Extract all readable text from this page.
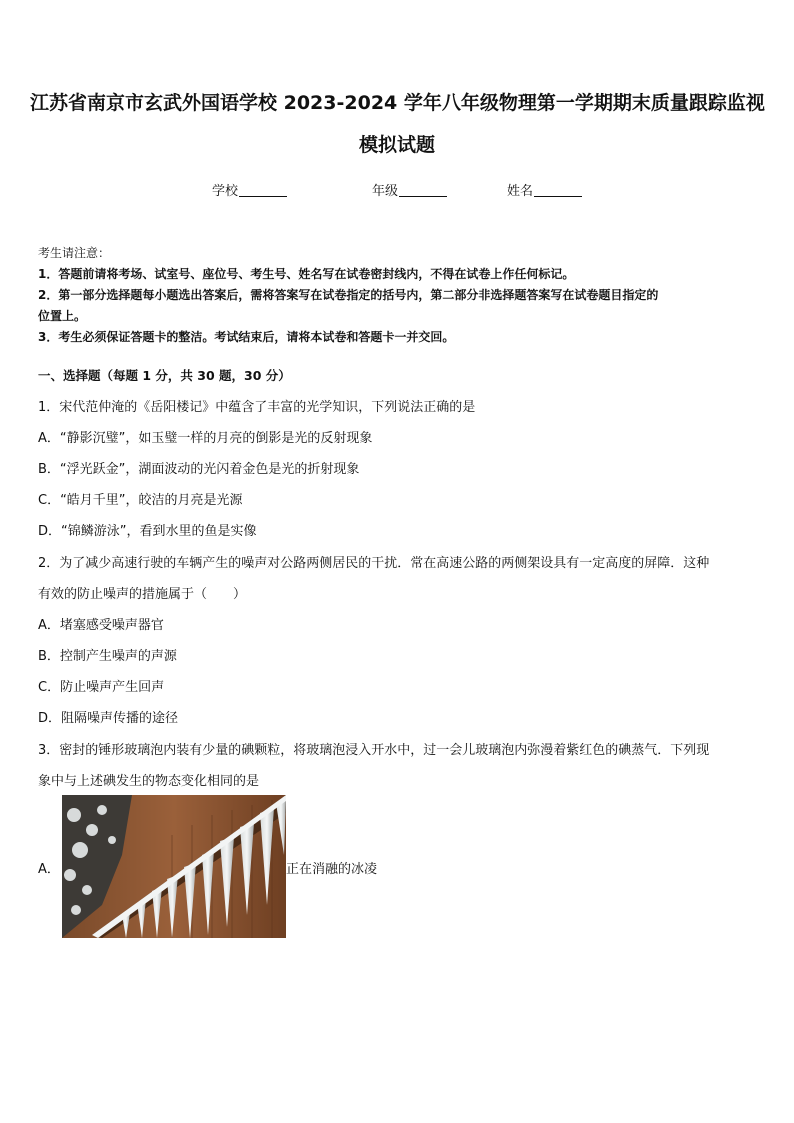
江苏省南京市玄武外国语学校 2023-2024 学年八年级物理第一学期期末质量跟踪监视
模拟试题
学校	年级	姓名
考生请注意：
1．答题前请将考场、试室号、座位号、考生号、姓名写在试卷密封线内，不得在试卷上作任何标记。
2．第一部分选择题每小题选出答案后，需将答案写在试卷指定的括号内，第二部分非选择题答案写在试卷题目指定的
位置上。
3．考生必须保证答题卡的整洁。考试结束后，请将本试卷和答题卡一并交回。
一、选择题（每题 1 分，共 30 题，30 分）
1．宋代范仲淹的《岳阳楼记》中蕴含了丰富的光学知识，下列说法正确的是
A．“静影沉璧”，如玉璧一样的月亮的倒影是光的反射现象
B．“浮光跃金”，湖面波动的光闪着金色是光的折射现象
C．“皓月千里”，皎洁的月亮是光源
D．“锦鳞游泳”，看到水里的鱼是实像
2．为了减少高速行驶的车辆产生的噪声对公路两侧居民的干扰．常在高速公路的两侧架设具有一定高度的屏障．这种
有效的防止噪声的措施属于（　　）
A．堵塞感受噪声器官
B．控制产生噪声的声源
C．防止噪声产生回声
D．阻隔噪声传播的途径
3．密封的锤形玻璃泡内装有少量的碘颗粒，将玻璃泡浸入开水中，过一会儿玻璃泡内弥漫着紫红色的碘蒸气．下列现
象中与上述碘发生的物态变化相同的是
A．	正在消融的冰凌
